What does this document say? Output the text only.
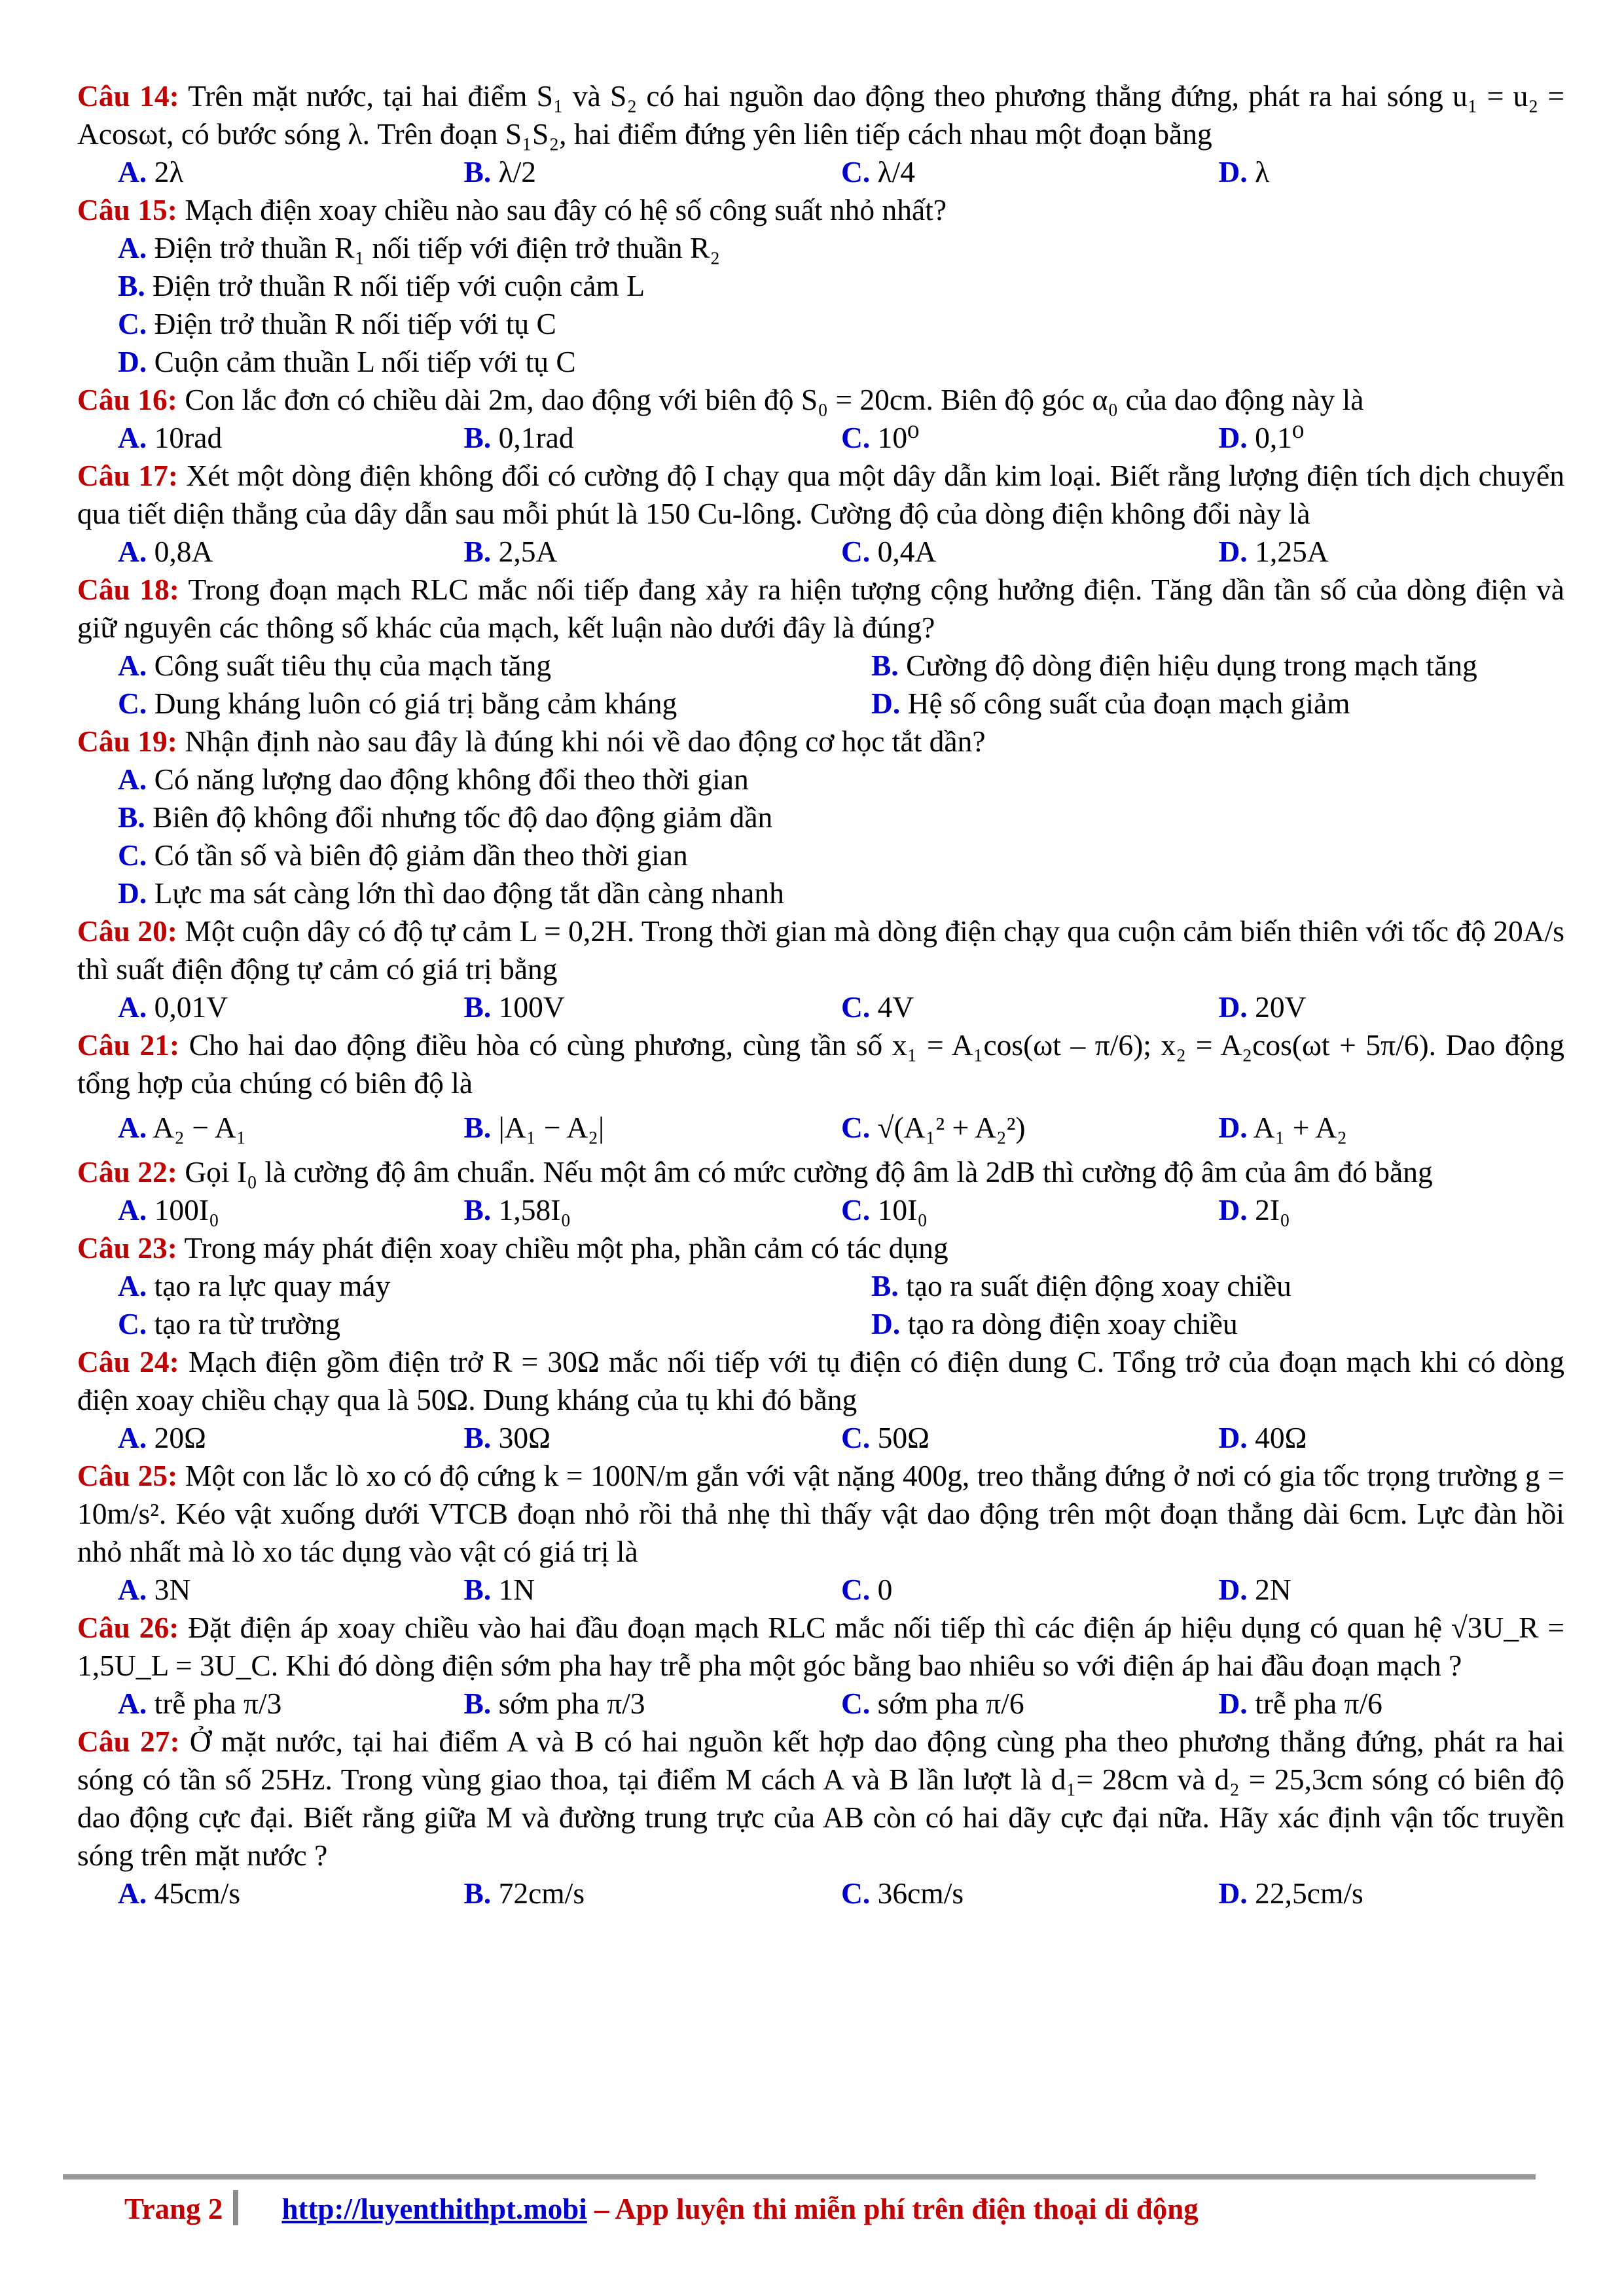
Câu 14: Trên mặt nước, tại hai điểm S₁ và S₂ có hai nguồn dao động theo phương thẳng đứng, phát ra hai sóng u₁ = u₂ = Acosωt, có bước sóng λ. Trên đoạn S₁S₂, hai điểm đứng yên liên tiếp cách nhau một đoạn bằng
A. 2λ	B. λ/2	C. λ/4	D. λ
Câu 15: Mạch điện xoay chiều nào sau đây có hệ số công suất nhỏ nhất?
A. Điện trở thuần R₁ nối tiếp với điện trở thuần R₂
B. Điện trở thuần R nối tiếp với cuộn cảm L
C. Điện trở thuần R nối tiếp với tụ C
D. Cuộn cảm thuần L nối tiếp với tụ C
Câu 16: Con lắc đơn có chiều dài 2m, dao động với biên độ S₀ = 20cm. Biên độ góc α₀ của dao động này là
A. 10rad	B. 0,1rad	C. 10⁰	D. 0,1⁰
Câu 17: Xét một dòng điện không đổi có cường độ I chạy qua một dây dẫn kim loại. Biết rằng lượng điện tích dịch chuyển qua tiết diện thẳng của dây dẫn sau mỗi phút là 150 Cu-lông. Cường độ của dòng điện không đổi này là
A. 0,8A	B. 2,5A	C. 0,4A	D. 1,25A
Câu 18: Trong đoạn mạch RLC mắc nối tiếp đang xảy ra hiện tượng cộng hưởng điện. Tăng dần tần số của dòng điện và giữ nguyên các thông số khác của mạch, kết luận nào dưới đây là đúng?
A. Công suất tiêu thụ của mạch tăng	B. Cường độ dòng điện hiệu dụng trong mạch tăng
C. Dung kháng luôn có giá trị bằng cảm kháng	D. Hệ số công suất của đoạn mạch giảm
Câu 19: Nhận định nào sau đây là đúng khi nói về dao động cơ học tắt dần?
A. Có năng lượng dao động không đổi theo thời gian
B. Biên độ không đổi nhưng tốc độ dao động giảm dần
C. Có tần số và biên độ giảm dần theo thời gian
D. Lực ma sát càng lớn thì dao động tắt dần càng nhanh
Câu 20: Một cuộn dây có độ tự cảm L = 0,2H. Trong thời gian mà dòng điện chạy qua cuộn cảm biến thiên với tốc độ 20A/s thì suất điện động tự cảm có giá trị bằng
A. 0,01V	B. 100V	C. 4V	D. 20V
Câu 21: Cho hai dao động điều hòa có cùng phương, cùng tần số x₁ = A₁cos(ωt – π/6); x₂ = A₂cos(ωt + 5π/6). Dao động tổng hợp của chúng có biên độ là
A. A₂ − A₁	B. |A₁ − A₂|	C. √(A₁² + A₂²)	D. A₁ + A₂
Câu 22: Gọi I₀ là cường độ âm chuẩn. Nếu một âm có mức cường độ âm là 2dB thì cường độ âm của âm đó bằng
A. 100I₀	B. 1,58I₀	C. 10I₀	D. 2I₀
Câu 23: Trong máy phát điện xoay chiều một pha, phần cảm có tác dụng
A. tạo ra lực quay máy	B. tạo ra suất điện động xoay chiều
C. tạo ra từ trường	D. tạo ra dòng điện xoay chiều
Câu 24: Mạch điện gồm điện trở R = 30Ω mắc nối tiếp với tụ điện có điện dung C. Tổng trở của đoạn mạch khi có dòng điện xoay chiều chạy qua là 50Ω. Dung kháng của tụ khi đó bằng
A. 20Ω	B. 30Ω	C. 50Ω	D. 40Ω
Câu 25: Một con lắc lò xo có độ cứng k = 100N/m gắn với vật nặng 400g, treo thẳng đứng ở nơi có gia tốc trọng trường g = 10m/s². Kéo vật xuống dưới VTCB đoạn nhỏ rồi thả nhẹ thì thấy vật dao động trên một đoạn thẳng dài 6cm. Lực đàn hồi nhỏ nhất mà lò xo tác dụng vào vật có giá trị là
A. 3N	B. 1N	C. 0	D. 2N
Câu 26: Đặt điện áp xoay chiều vào hai đầu đoạn mạch RLC mắc nối tiếp thì các điện áp hiệu dụng có quan hệ √3U_R = 1,5U_L = 3U_C. Khi đó dòng điện sớm pha hay trễ pha một góc bằng bao nhiêu so với điện áp hai đầu đoạn mạch ?
A. trễ pha π/3	B. sớm pha π/3	C. sớm pha π/6	D. trễ pha π/6
Câu 27: Ở mặt nước, tại hai điểm A và B có hai nguồn kết hợp dao động cùng pha theo phương thẳng đứng, phát ra hai sóng có tần số 25Hz. Trong vùng giao thoa, tại điểm M cách A và B lần lượt là d₁= 28cm và d₂ = 25,3cm sóng có biên độ dao động cực đại. Biết rằng giữa M và đường trung trực của AB còn có hai dãy cực đại nữa. Hãy xác định vận tốc truyền sóng trên mặt nước ?
A. 45cm/s	B. 72cm/s	C. 36cm/s	D. 22,5cm/s
Trang 2 http://luyenthithpt.mobi – App luyện thi miễn phí trên điện thoại di động
